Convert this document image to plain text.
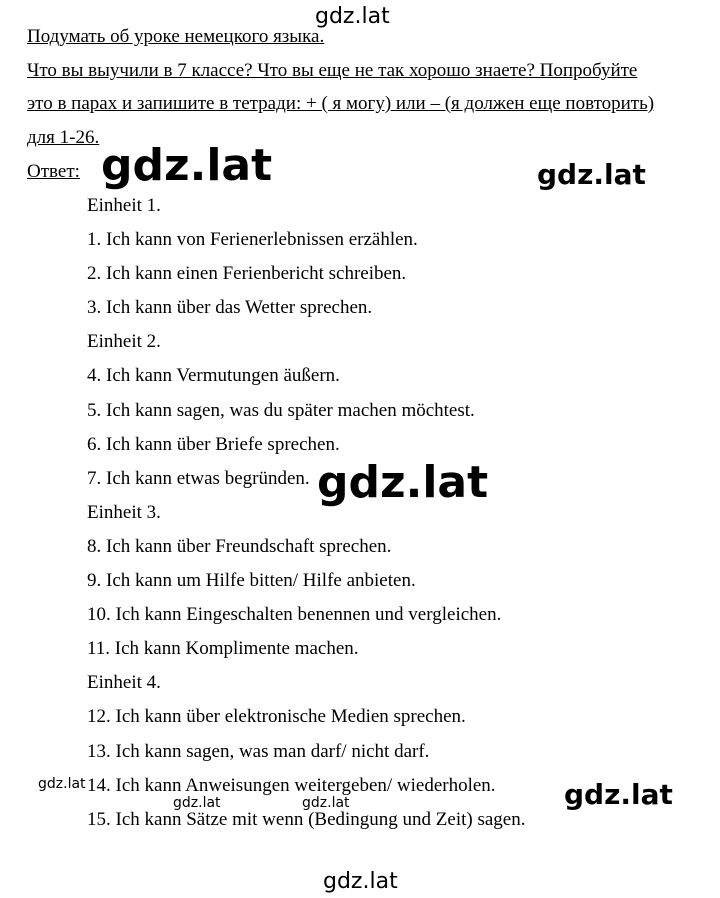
gdz.lat
Подумать об уроке немецкого языка.
Что вы выучили в 7 классе? Что вы еще не так хорошо знаете? Попробуйте
это в парах и запишите в тетради: + ( я могу) или – (я должен еще повторить)
для 1-26.
Ответ:
Einheit 1.
1. Ich kann von Ferienerlebnissen erzählen.
2. Ich kann einen Ferienbericht schreiben.
3. Ich kann über das Wetter sprechen.
Einheit 2.
4. Ich kann Vermutungen äußern.
5. Ich kann sagen, was du später machen möchtest.
6. Ich kann über Briefe sprechen.
7. Ich kann etwas begründen.
Einheit 3.
8. Ich kann über Freundschaft sprechen.
9. Ich kann um Hilfe bitten/ Hilfe anbieten.
10. Ich kann Eingeschalten benennen und vergleichen.
11. Ich kann Komplimente machen.
Einheit 4.
12. Ich kann über elektronische Medien sprechen.
13. Ich kann sagen, was man darf/ nicht darf.
14. Ich kann Anweisungen weitergeben/ wiederholen.
15. Ich kann Sätze mit wenn (Bedingung und Zeit) sagen.
gdz.lat	gdz.lat
gdz.lat
gdz.lat	gdz.lat
gdz.lat	gdz.lat
gdz.lat
